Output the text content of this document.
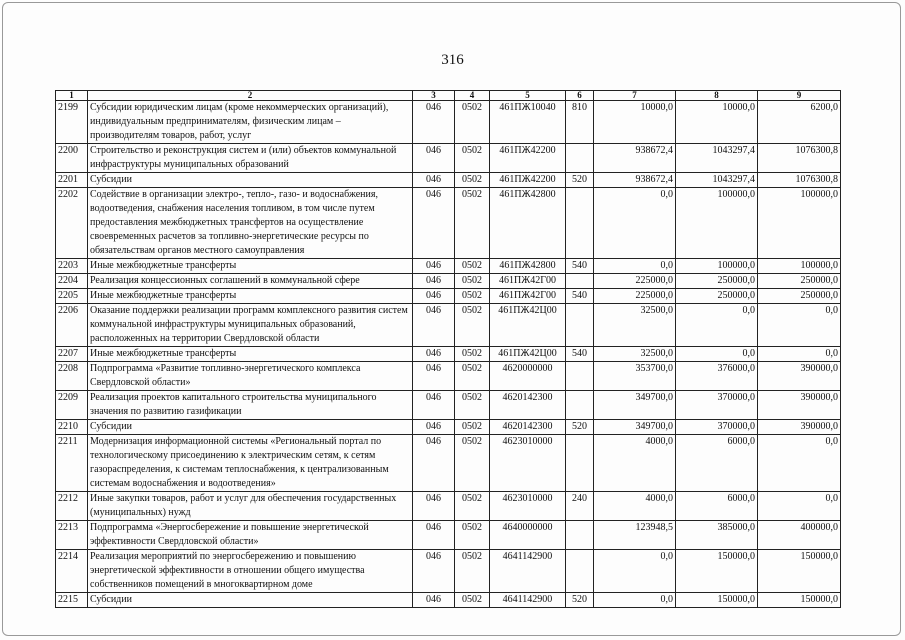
316
1	2	3	4	5	6	7	8	9
2199	Субсидии юридическим лицам (кроме некоммерческих организаций), индивидуальным предпринимателям, физическим лицам – производителям товаров, работ, услуг	046	0502	461ПЖ10040	810	10000,0	10000,0	6200,0
2200	Строительство и реконструкция систем и (или) объектов коммунальной инфраструктуры муниципальных образований	046	0502	461ПЖ42200		938672,4	1043297,4	1076300,8
2201	Субсидии	046	0502	461ПЖ42200	520	938672,4	1043297,4	1076300,8
2202	Содействие в организации электро-, тепло-, газо- и водоснабжения, водоотведения, снабжения населения топливом, в том числе путем предоставления межбюджетных трансфертов на осуществление своевременных расчетов за топливно-энергетические ресурсы по обязательствам органов местного самоуправления	046	0502	461ПЖ42800		0,0	100000,0	100000,0
2203	Иные межбюджетные трансферты	046	0502	461ПЖ42800	540	0,0	100000,0	100000,0
2204	Реализация концессионных соглашений в коммунальной сфере	046	0502	461ПЖ42Г00		225000,0	250000,0	250000,0
2205	Иные межбюджетные трансферты	046	0502	461ПЖ42Г00	540	225000,0	250000,0	250000,0
2206	Оказание поддержки реализации программ комплексного развития систем коммунальной инфраструктуры муниципальных образований, расположенных на территории Свердловской области	046	0502	461ПЖ42Ц00		32500,0	0,0	0,0
2207	Иные межбюджетные трансферты	046	0502	461ПЖ42Ц00	540	32500,0	0,0	0,0
2208	Подпрограмма «Развитие топливно-энергетического комплекса Свердловской области»	046	0502	4620000000		353700,0	376000,0	390000,0
2209	Реализация проектов капитального строительства муниципального значения по развитию газификации	046	0502	4620142300		349700,0	370000,0	390000,0
2210	Субсидии	046	0502	4620142300	520	349700,0	370000,0	390000,0
2211	Модернизация информационной системы «Региональный портал по технологическому присоединению к электрическим сетям, к сетям газораспределения, к системам теплоснабжения, к централизованным системам водоснабжения и водоотведения»	046	0502	4623010000		4000,0	6000,0	0,0
2212	Иные закупки товаров, работ и услуг для обеспечения государственных (муниципальных) нужд	046	0502	4623010000	240	4000,0	6000,0	0,0
2213	Подпрограмма «Энергосбережение и повышение энергетической эффективности Свердловской области»	046	0502	4640000000		123948,5	385000,0	400000,0
2214	Реализация мероприятий по энергосбережению и повышению энергетической эффективности в отношении общего имущества собственников помещений в многоквартирном доме	046	0502	4641142900		0,0	150000,0	150000,0
2215	Субсидии	046	0502	4641142900	520	0,0	150000,0	150000,0
